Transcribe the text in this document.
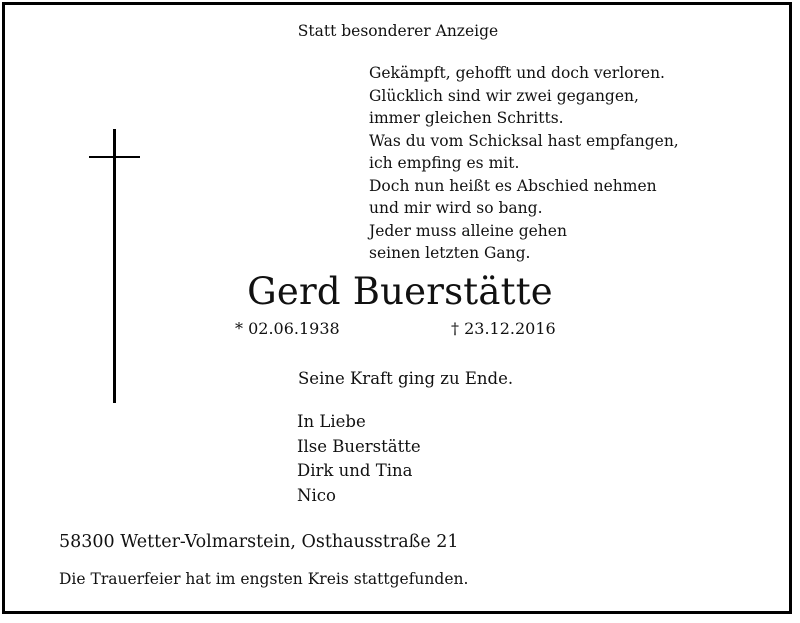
Statt besonderer Anzeige
Gekämpft, gehofft und doch verloren.
Glücklich sind wir zwei gegangen,
immer gleichen Schritts.
Was du vom Schicksal hast empfangen,
ich empfing es mit.
Doch nun heißt es Abschied nehmen
und mir wird so bang.
Jeder muss alleine gehen
seinen letzten Gang.
Gerd Buerstätte
* 02.06.1938	† 23.12.2016
Seine Kraft ging zu Ende.
In Liebe
Ilse Buerstätte
Dirk und Tina
Nico
58300 Wetter-Volmarstein, Osthausstraße 21
Die Trauerfeier hat im engsten Kreis stattgefunden.
